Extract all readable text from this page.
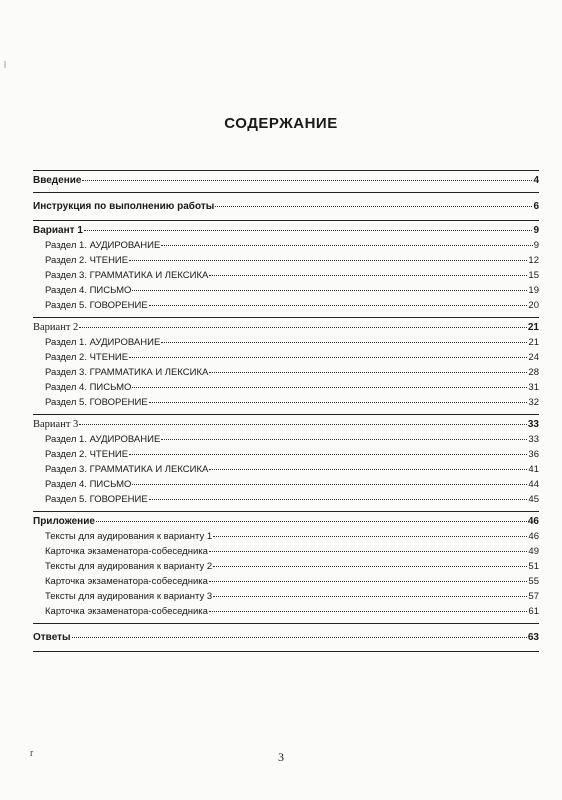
ǀ
СОДЕРЖАНИЕ
Введение	4
Инструкция по выполнению работы	6
Вариант 1	9
Раздел 1. АУДИРОВАНИЕ	9
Раздел 2. ЧТЕНИЕ	12
Раздел 3. ГРАММАТИКА И ЛЕКСИКА	15
Раздел 4. ПИСЬМО	19
Раздел 5. ГОВОРЕНИЕ	20
Вариант 2	21
Раздел 1. АУДИРОВАНИЕ	21
Раздел 2. ЧТЕНИЕ	24
Раздел 3. ГРАММАТИКА И ЛЕКСИКА	28
Раздел 4. ПИСЬМО	31
Раздел 5. ГОВОРЕНИЕ	32
Вариант 3	33
Раздел 1. АУДИРОВАНИЕ	33
Раздел 2. ЧТЕНИЕ	36
Раздел 3. ГРАММАТИКА И ЛЕКСИКА	41
Раздел 4. ПИСЬМО	44
Раздел 5. ГОВОРЕНИЕ	45
Приложение	46
Тексты для аудирования к варианту 1	46
Карточка экзаменатора-собеседника	49
Тексты для аудирования к варианту 2	51
Карточка экзаменатора-собеседника	55
Тексты для аудирования к варианту 3	57
Карточка экзаменатора-собеседника	61
Ответы	63
r	3
